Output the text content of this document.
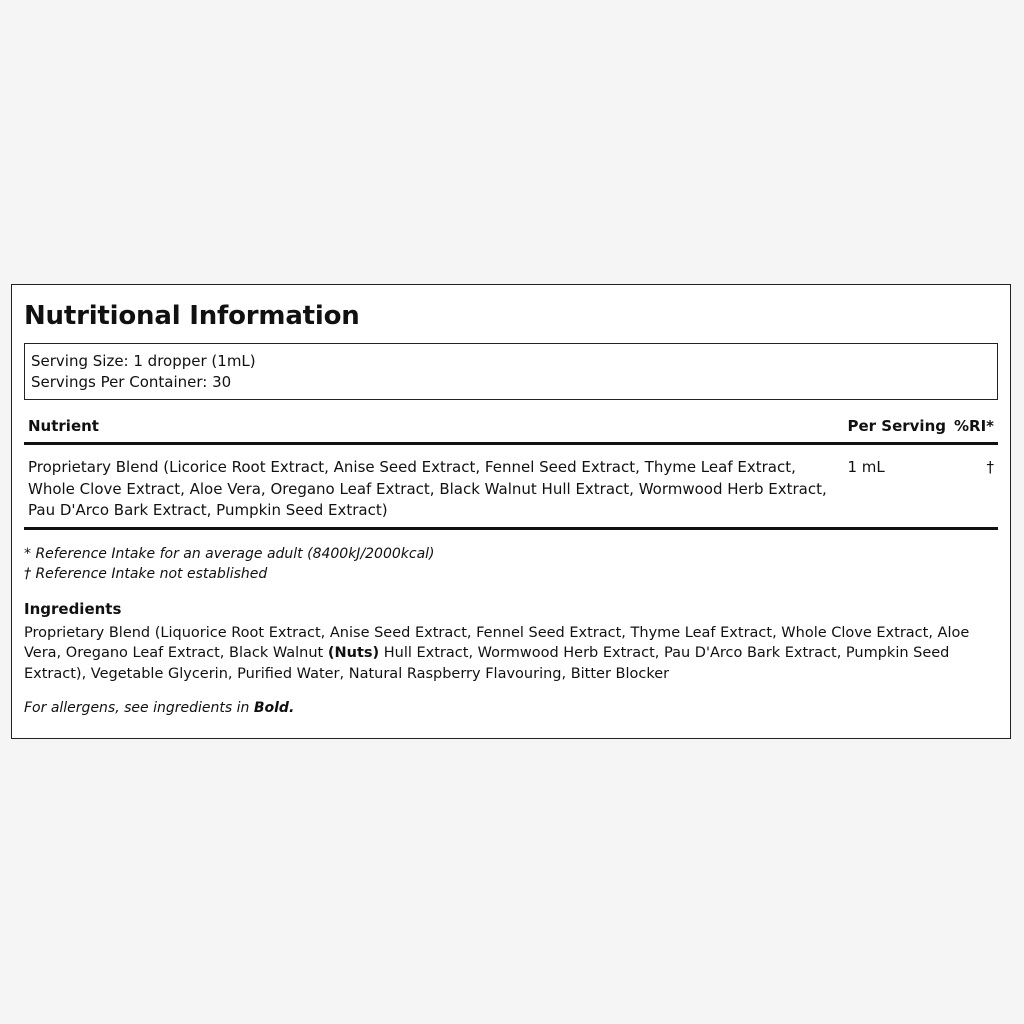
Nutritional Information
Serving Size: 1 dropper (1mL)
Servings Per Container: 30
Nutrient	Per Serving	%RI*
Proprietary Blend (Licorice Root Extract, Anise Seed Extract, Fennel Seed Extract, Thyme Leaf Extract, Whole Clove Extract, Aloe Vera, Oregano Leaf Extract, Black Walnut Hull Extract, Wormwood Herb Extract, Pau D'Arco Bark Extract, Pumpkin Seed Extract)	1 mL	†
* Reference Intake for an average adult (8400kJ/2000kcal)
† Reference Intake not established
Ingredients
Proprietary Blend (Liquorice Root Extract, Anise Seed Extract, Fennel Seed Extract, Thyme Leaf Extract, Whole Clove Extract, Aloe Vera, Oregano Leaf Extract, Black Walnut (Nuts) Hull Extract, Wormwood Herb Extract, Pau D'Arco Bark Extract, Pumpkin Seed Extract), Vegetable Glycerin, Purified Water, Natural Raspberry Flavouring, Bitter Blocker
For allergens, see ingredients in Bold.
